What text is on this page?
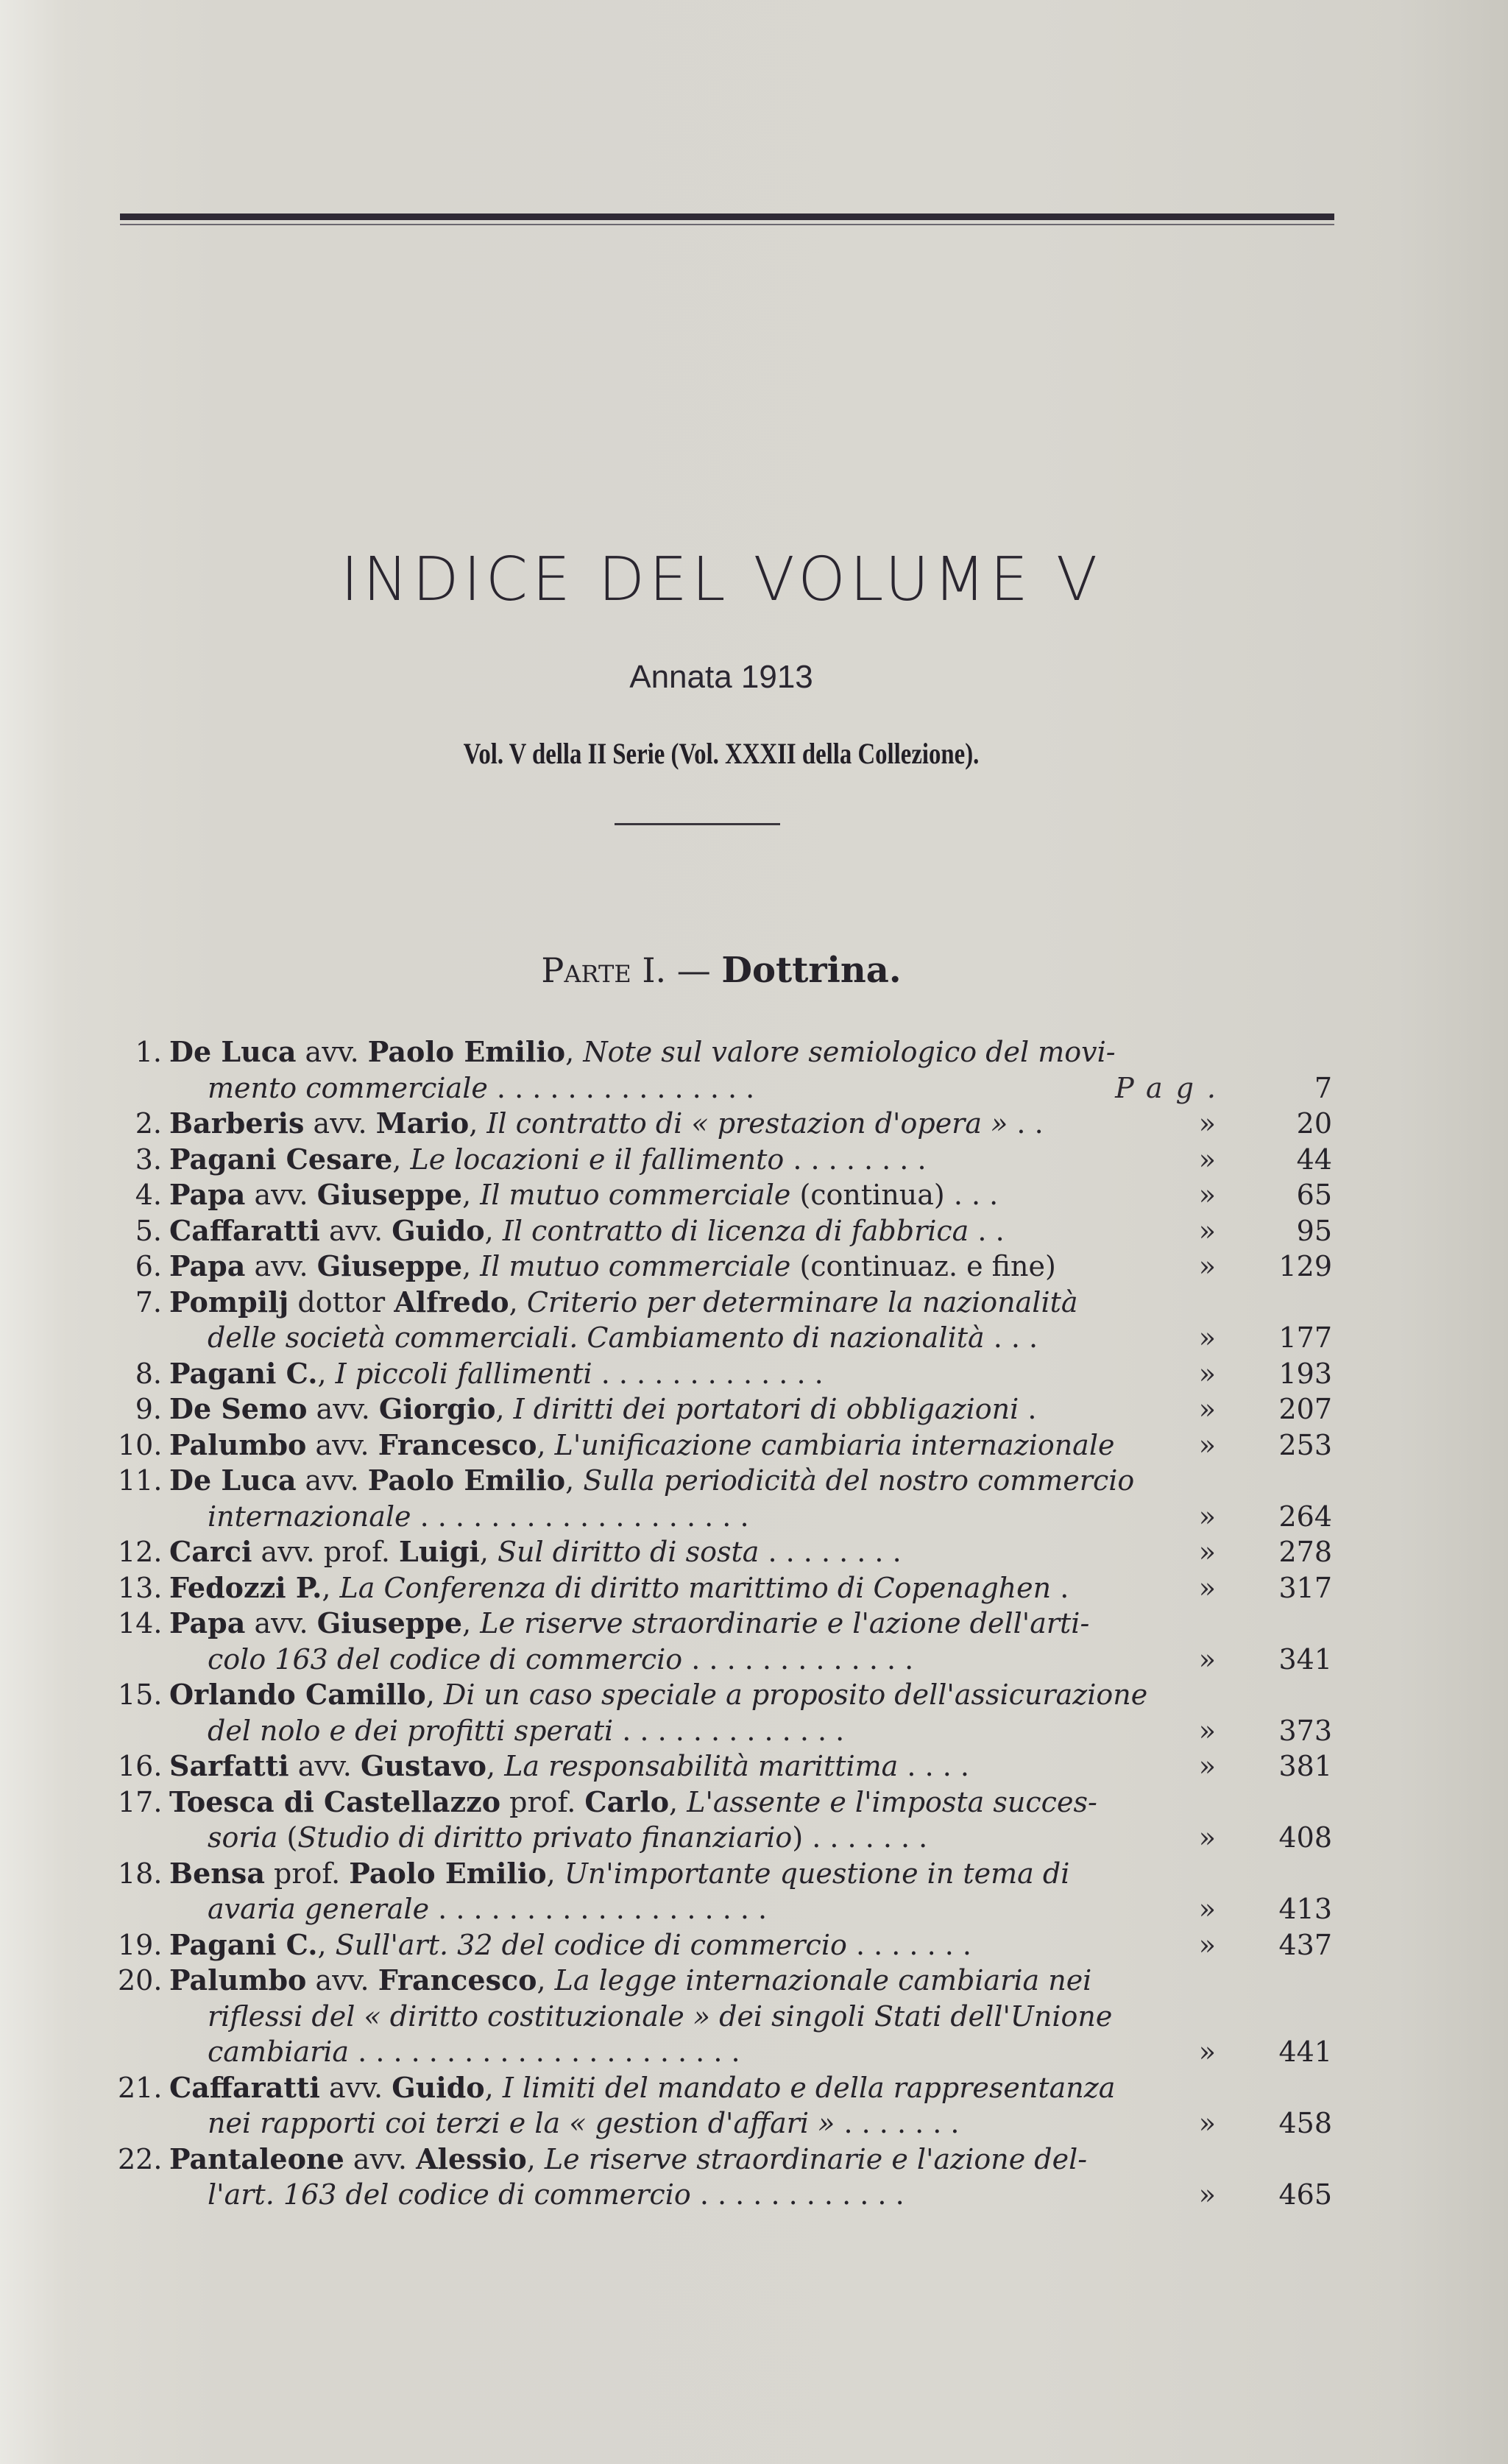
INDICE DEL VOLUME V
Annata 1913
Vol. V della II Serie (Vol. XXXII della Collezione).
Parte I. — Dottrina.
1. De Luca avv. Paolo Emilio, Note sul valore semiologico del movi-
mento commerciale . . . . . . . . . . . . . . .	Pag.	7
2. Barberis avv. Mario, Il contratto di « prestazion d'opera » . .	»	20
3. Pagani Cesare, Le locazioni e il fallimento . . . . . . . .	»	44
4. Papa avv. Giuseppe, Il mutuo commerciale (continua) . . .	»	65
5. Caffaratti avv. Guido, Il contratto di licenza di fabbrica . .	»	95
6. Papa avv. Giuseppe, Il mutuo commerciale (continuaz. e fine)	»	129
7. Pompilj dottor Alfredo, Criterio per determinare la nazionalità
delle società commerciali. Cambiamento di nazionalità . . .	»	177
8. Pagani C., I piccoli fallimenti . . . . . . . . . . . . .	»	193
9. De Semo avv. Giorgio, I diritti dei portatori di obbligazioni .	»	207
10. Palumbo avv. Francesco, L'unificazione cambiaria internazionale	»	253
11. De Luca avv. Paolo Emilio, Sulla periodicità del nostro commercio
internazionale . . . . . . . . . . . . . . . . . . .	»	264
12. Carci avv. prof. Luigi, Sul diritto di sosta . . . . . . . .	»	278
13. Fedozzi P., La Conferenza di diritto marittimo di Copenaghen .	»	317
14. Papa avv. Giuseppe, Le riserve straordinarie e l'azione dell'arti-
colo 163 del codice di commercio . . . . . . . . . . . . .	»	341
15. Orlando Camillo, Di un caso speciale a proposito dell'assicurazione
del nolo e dei profitti sperati . . . . . . . . . . . . .	»	373
16. Sarfatti avv. Gustavo, La responsabilità marittima . . . .	»	381
17. Toesca di Castellazzo prof. Carlo, L'assente e l'imposta succes-
soria (Studio di diritto privato finanziario) . . . . . . .	»	408
18. Bensa prof. Paolo Emilio, Un'importante questione in tema di
avaria generale . . . . . . . . . . . . . . . . . . .	»	413
19. Pagani C., Sull'art. 32 del codice di commercio . . . . . . .	»	437
20. Palumbo avv. Francesco, La legge internazionale cambiaria nei
riflessi del « diritto costituzionale » dei singoli Stati dell'Unione
cambiaria . . . . . . . . . . . . . . . . . . . . . .	»	441
21. Caffaratti avv. Guido, I limiti del mandato e della rappresentanza
nei rapporti coi terzi e la « gestion d'affari » . . . . . . .	»	458
22. Pantaleone avv. Alessio, Le riserve straordinarie e l'azione del-
l'art. 163 del codice di commercio . . . . . . . . . . . .	»	465
